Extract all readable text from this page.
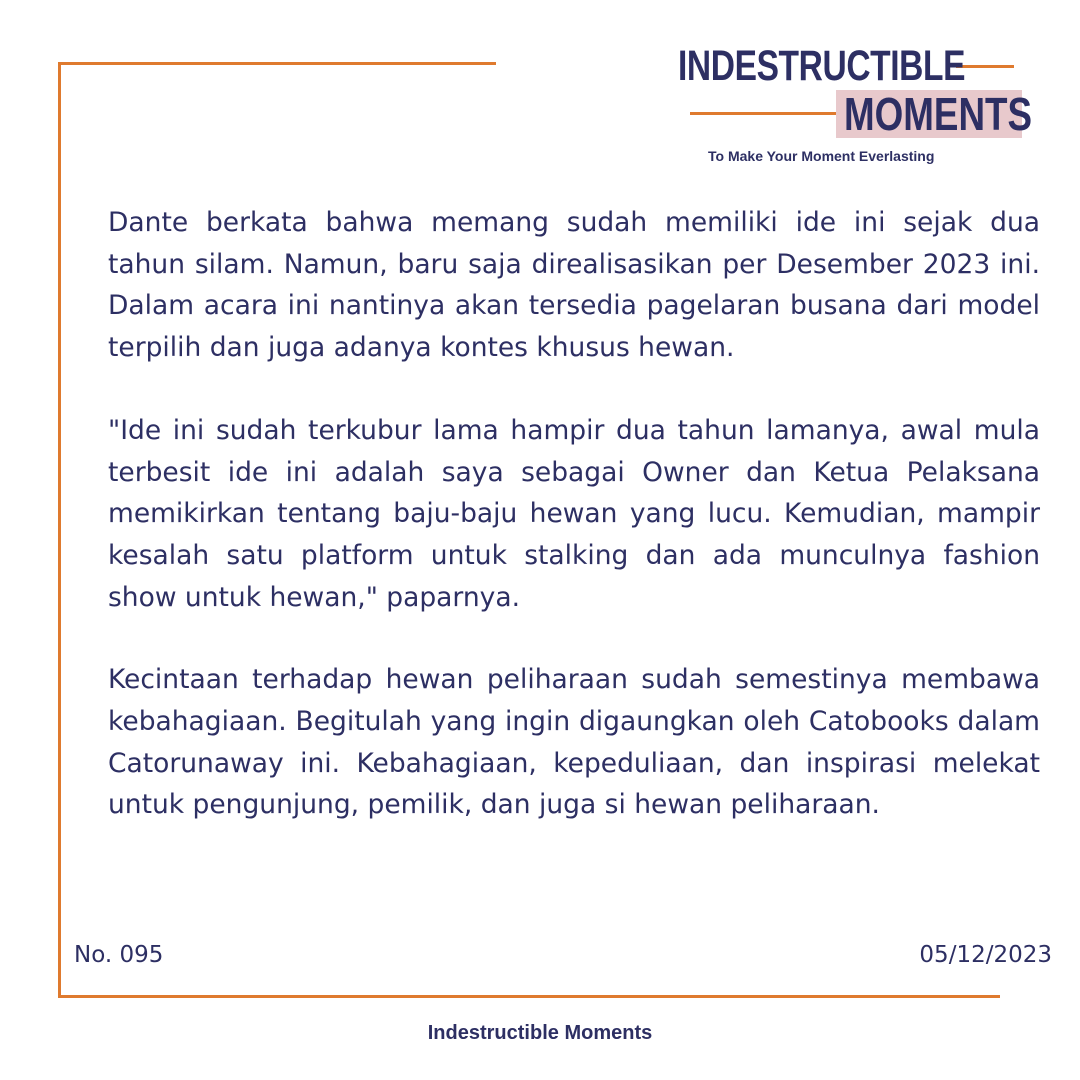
INDESTRUCTIBLE
MOMENTS
To Make Your Moment Everlasting

Dante berkata bahwa memang sudah memiliki ide ini sejak dua tahun silam. Namun, baru saja direalisasikan per Desember 2023 ini. Dalam acara ini nantinya akan tersedia pagelaran busana dari model terpilih dan juga adanya kontes khusus hewan.

"Ide ini sudah terkubur lama hampir dua tahun lamanya, awal mula terbesit ide ini adalah saya sebagai Owner dan Ketua Pelaksana memikirkan tentang baju-baju hewan yang lucu. Kemudian, mampir kesalah satu platform untuk stalking dan ada munculnya fashion show untuk hewan," paparnya.

Kecintaan terhadap hewan peliharaan sudah semestinya membawa kebahagiaan. Begitulah yang ingin digaungkan oleh Catobooks dalam Catorunaway ini. Kebahagiaan, kepeduliaan, dan inspirasi melekat untuk pengunjung, pemilik, dan juga si hewan peliharaan.

No. 095	05/12/2023
Indestructible Moments
